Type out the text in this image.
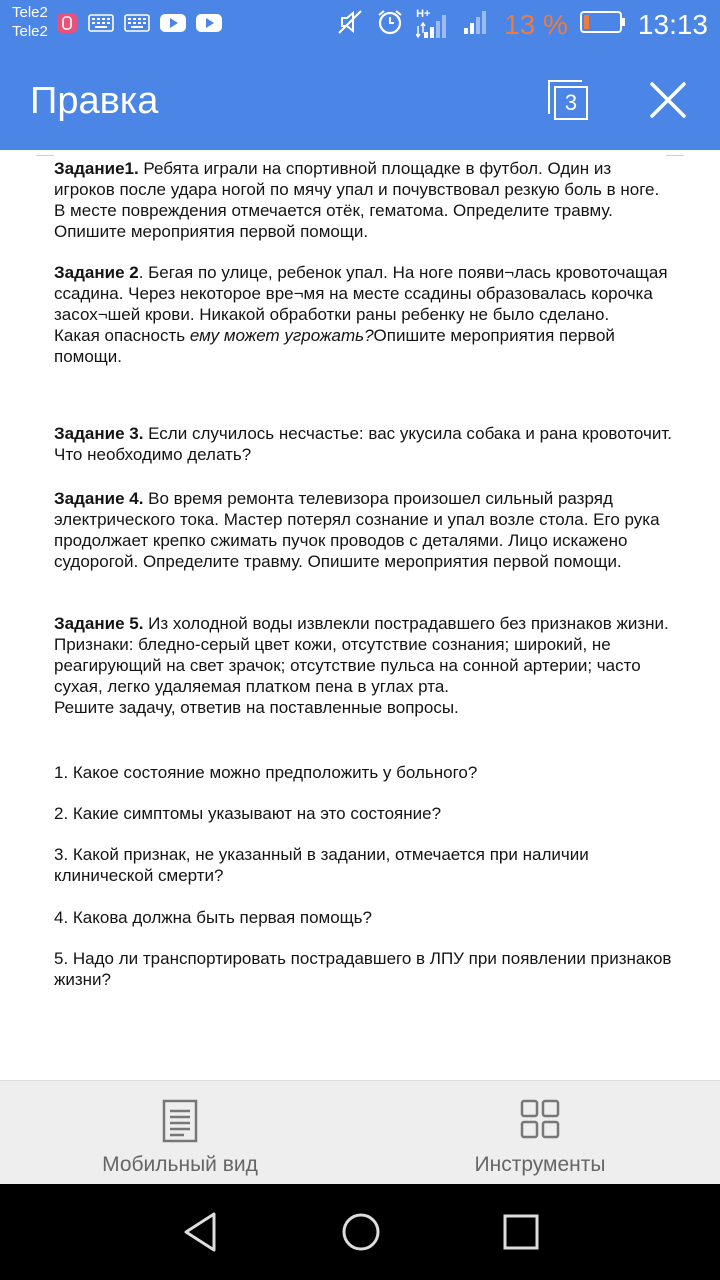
Tele2
Tele2
H+	13 %	13:13
Правка	3
Задание1. Ребята играли на спортивной площадке в футбол. Один из игроков после удара ногой по мячу упал и почувствовал резкую боль в ноге. В месте повреждения отмечается отёк, гематома. Определите травму. Опишите мероприятия первой помощи.
Задание 2. Бегая по улице, ребенок упал. На ноге появи¬лась кровоточащая ссадина. Через некоторое вре¬мя на месте ссадины образовалась корочка засох¬шей крови. Никакой обработки раны ребенку не было сделано.
Какая опасность ему может угрожать?Опишите мероприятия первой помощи.
Задание 3. Если случилось несчастье: вас укусила собака и рана кровоточит. Что необходимо делать?
Задание 4. Во время ремонта телевизора произошел сильный разряд электрического тока. Мастер потерял сознание и упал возле стола. Его рука продолжает крепко сжимать пучок проводов с деталями. Лицо искажено судорогой. Определите травму. Опишите мероприятия первой помощи.
Задание 5. Из холодной воды извлекли пострадавшего без признаков жизни.
Признаки: бледно-серый цвет кожи, отсутствие сознания; широкий, не реагирующий на свет зрачок; отсутствие пульса на сонной артерии; часто сухая, легко удаляемая платком пена в углах рта.
Решите задачу, ответив на поставленные вопросы.
1. Какое состояние можно предположить у больного?
2. Какие симптомы указывают на это состояние?
3. Какой признак, не указанный в задании, отмечается при наличии клинической смерти?
4. Какова должна быть первая помощь?
5. Надо ли транспортировать пострадавшего в ЛПУ при появлении признаков жизни?
Мобильный вид	Инструменты
